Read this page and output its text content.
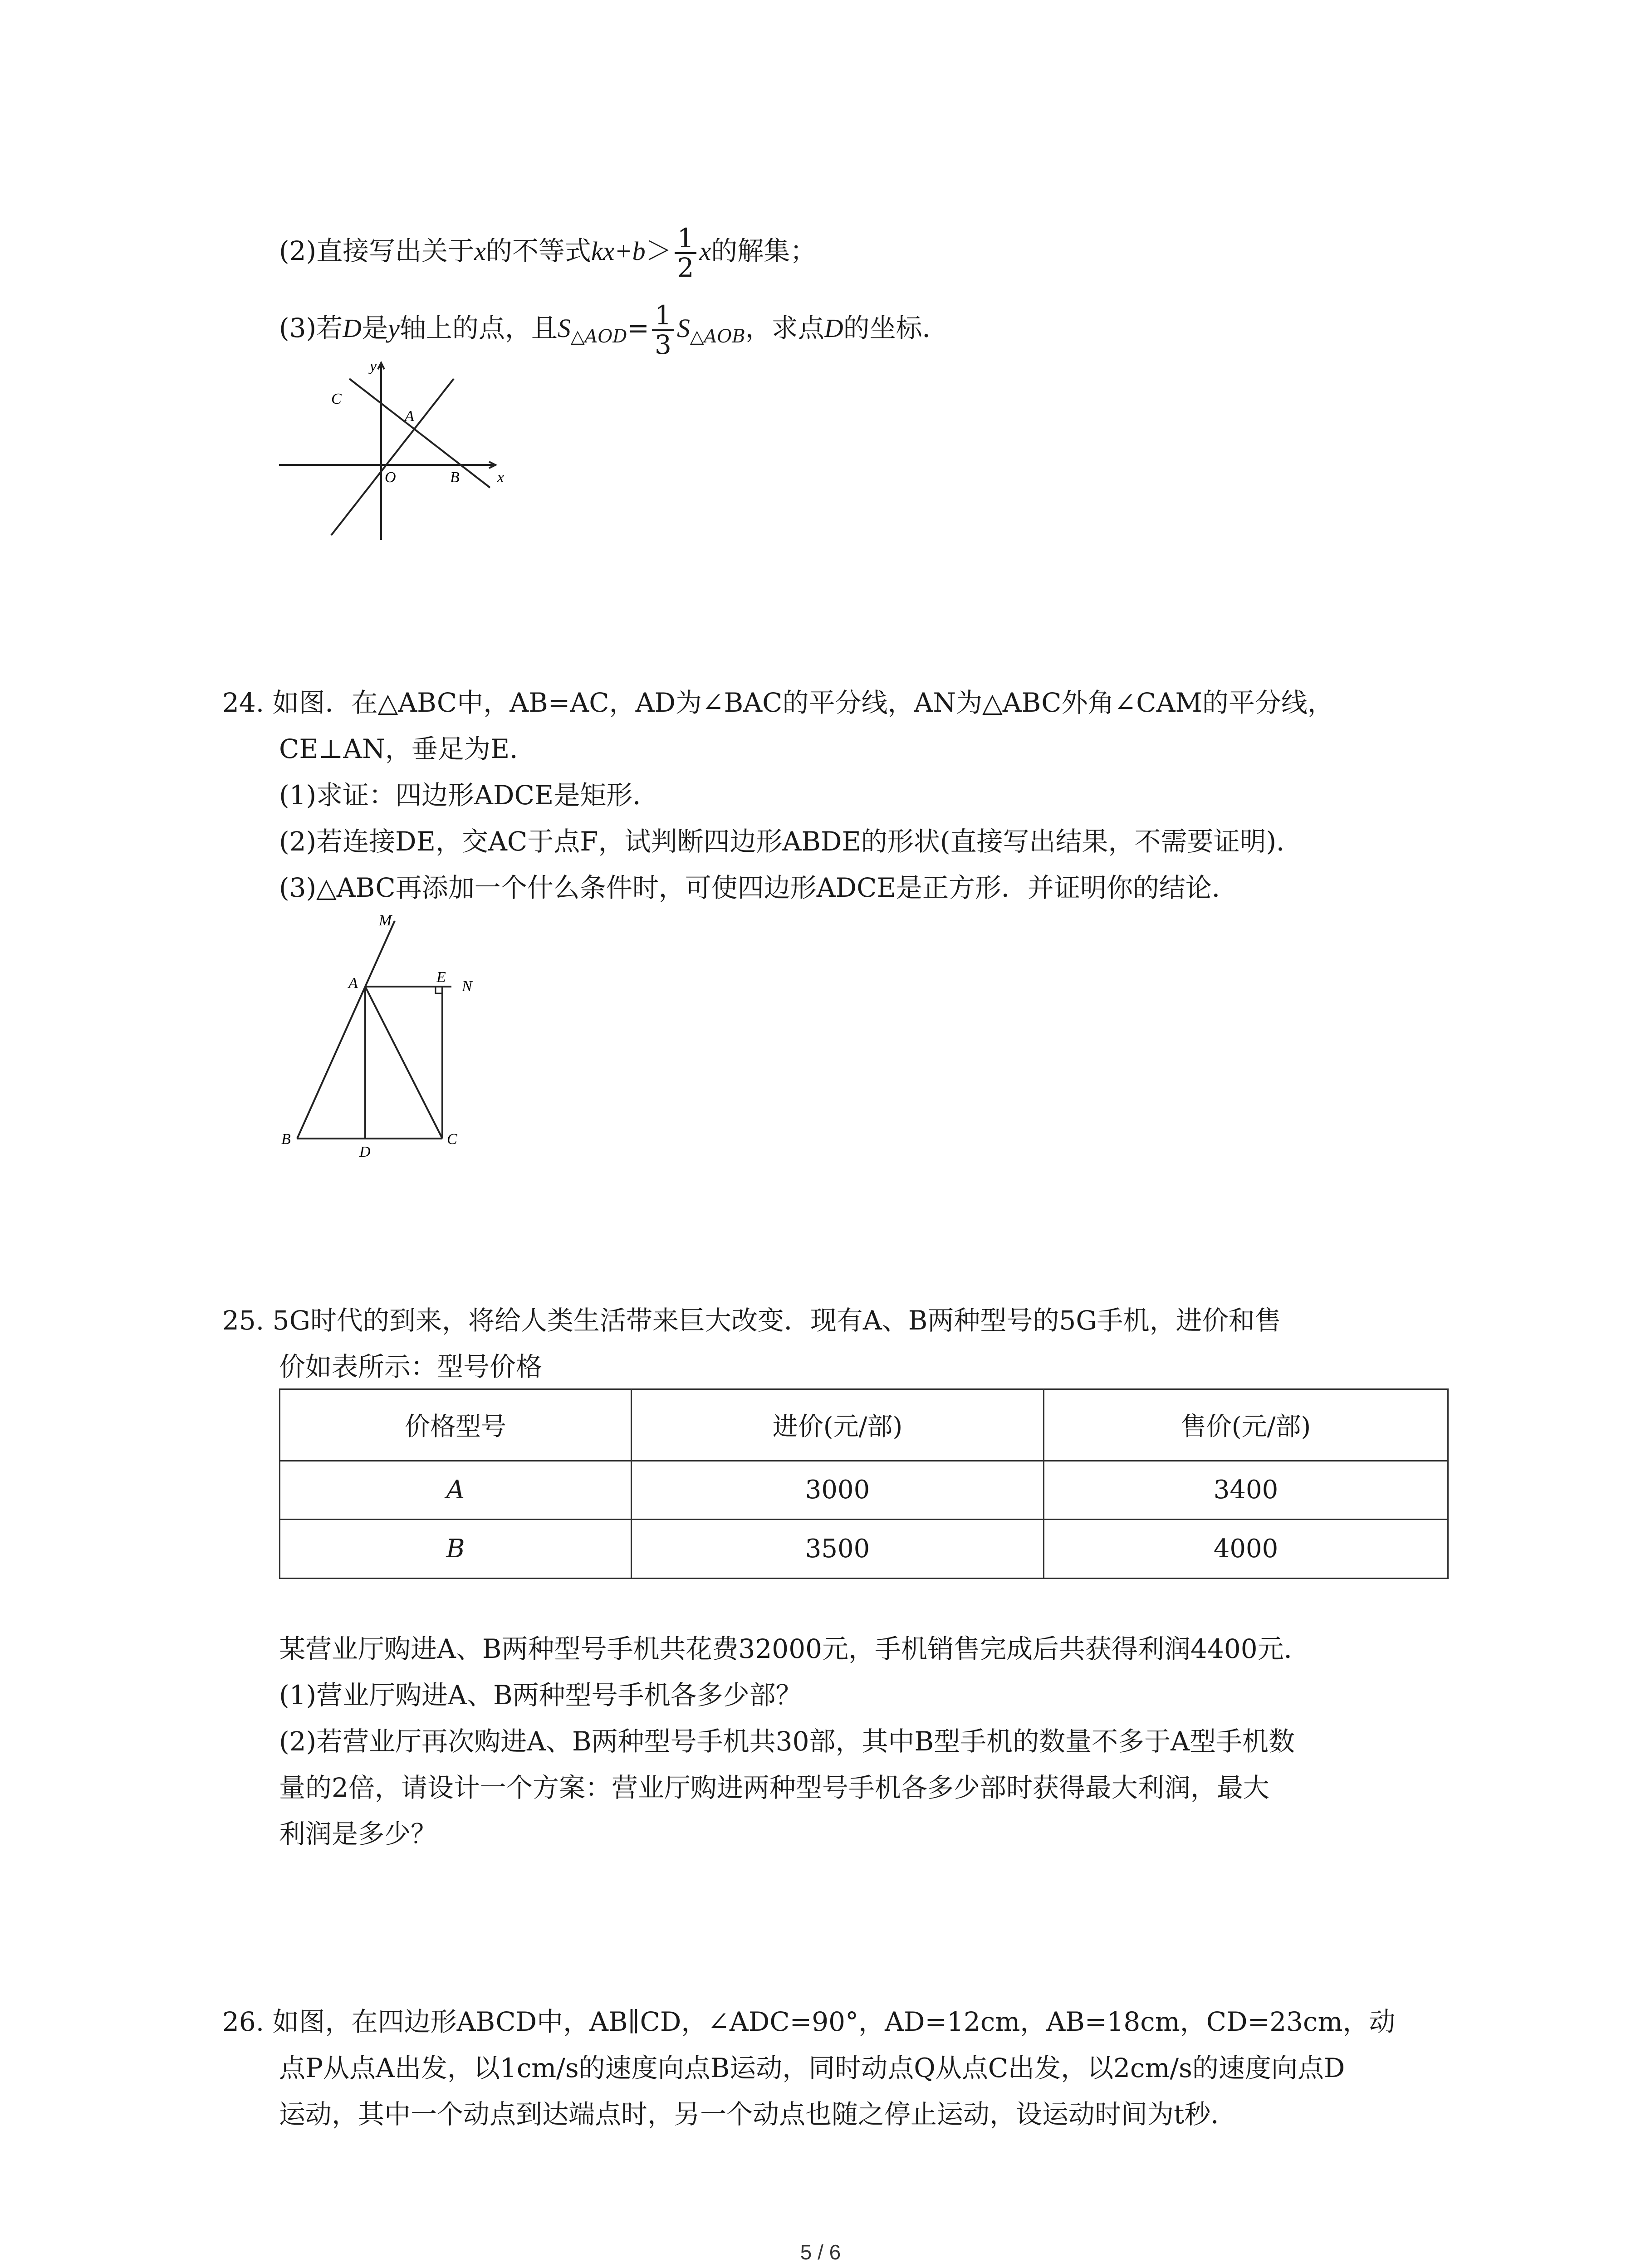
(2)直接写出关于x的不等式$kx+b> \frac{1}{2}$ x的解集；
(3)若D是y轴上的点，且$S_{\triangle AOD}= \frac{1}{3} S_{\triangle AOB}$，求点D的坐标．
y
C
A
O	B x
24. 如图．在△ABC中，AB=AC，AD为∠BAC的平分线，AN为△ABC外角∠CAM的平分线，
CE⊥AN，垂足为E．
(1)求证：四边形ADCE是矩形．
(2)若连接DE，交AC于点F，试判断四边形ABDE的形状(直接写出结果，不需要证明)．
(3)△ABC再添加一个什么条件时，可使四边形ADCE是正方形．并证明你的结论．
M
A	E
N
B
D
C
25. 5G时代的到来，将给人类生活带来巨大改变．现有A、B两种型号的5G手机，进价和售
价如表所示：型号价格
价格型号	进价(元/部)	售价(元/部)
A	3000	3400
B	3500	4000
某营业厅购进A、B两种型号手机共花费32000元，手机销售完成后共获得利润4400元．
(1)营业厅购进A、B两种型号手机各多少部？
(2)若营业厅再次购进A、B两种型号手机共30部，其中B型手机的数量不多于A型手机数
量的2倍，请设计一个方案：营业厅购进两种型号手机各多少部时获得最大利润，最大
利润是多少？
26. 如图，在四边形ABCD中，AB∥CD，∠ADC=90°，AD=12cm，AB=18cm，CD=23cm，动
点P从点A出发，以1cm/s的速度向点B运动，同时动点Q从点C出发，以2cm/s的速度向点D
运动，其中一个动点到达端点时，另一个动点也随之停止运动，设运动时间为t秒．
5 / 6
